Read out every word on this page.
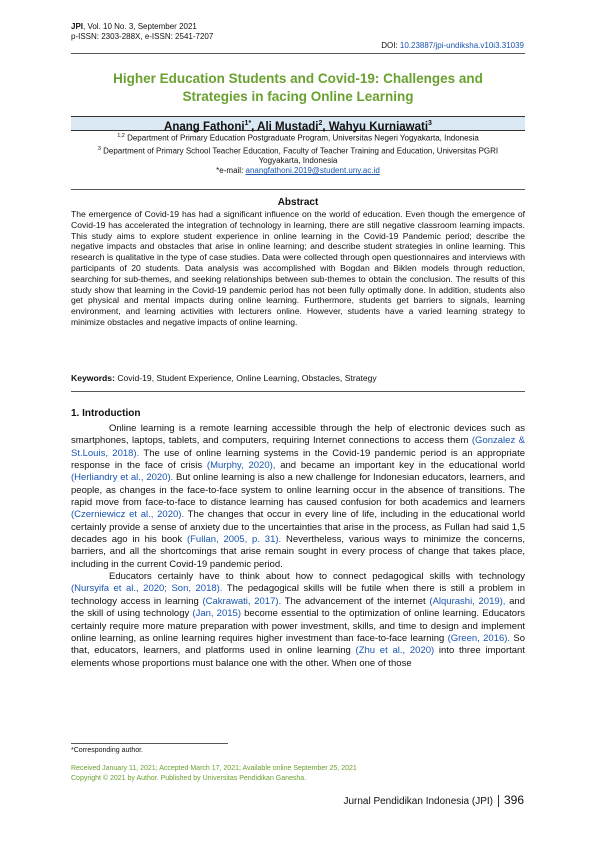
JPI, Vol. 10 No. 3, September 2021
p-ISSN: 2303-288X, e-ISSN: 2541-7207
DOI: 10.23887/jpi-undiksha.v10i3.31039
Higher Education Students and Covid-19: Challenges and
Strategies in facing Online Learning
Anang Fathoni$^{1*}$, Ali Mustadi$^2$, Wahyu Kurniawati$^3$
$^{1,2}$ Department of Primary Education Postgraduate Program, Universitas Negeri Yogyakarta, Indonesia
$^3$ Department of Primary School Teacher Education, Faculty of Teacher Training and Education, Universitas PGRI
Yogyakarta, Indonesia
*e-mail: anangfathoni.2019@student.uny.ac.id
Abstract
The emergence of Covid-19 has had a significant influence on the world of education. Even though the emergence of Covid-19 has accelerated the integration of technology in learning, there are still negative classroom learning impacts. This study aims to explore student experience in online learning in the Covid-19 Pandemic period; describe the negative impacts and obstacles that arise in online learning; and describe student strategies in online learning. This research is qualitative in the type of case studies. Data were collected through open questionnaires and interviews with participants of 20 students. Data analysis was accomplished with Bogdan and Biklen models through reduction, searching for sub-themes, and seeking relationships between sub-themes to obtain the conclusion. The results of this study show that learning in the Covid-19 pandemic period has not been fully optimally done. In addition, students also get physical and mental impacts during online learning. Furthermore, students get barriers to signals, learning environment, and learning activities with lecturers online. However, students have a varied learning strategy to minimize obstacles and negative impacts of online learning.
Keywords: Covid-19, Student Experience, Online Learning, Obstacles, Strategy
1. Introduction

Online learning is a remote learning accessible through the help of electronic devices such as smartphones, laptops, tablets, and computers, requiring Internet connections to access them (Gonzalez & St.Louis, 2018). The use of online learning systems in the Covid-19 pandemic period is an appropriate response in the face of crisis (Murphy, 2020), and became an important key in the educational world (Herliandry et al., 2020). But online learning is also a new challenge for Indonesian educators, learners, and people, as changes in the face-to-face system to online learning occur in the absence of transitions. The rapid move from face-to-face to distance learning has caused confusion for both academics and learners (Czerniewicz et al., 2020). The changes that occur in every line of life, including in the educational world certainly provide a sense of anxiety due to the uncertainties that arise in the process, as Fullan had said 1,5 decades ago in his book (Fullan, 2005, p. 31). Nevertheless, various ways to minimize the concerns, barriers, and all the shortcomings that arise remain sought in every process of change that takes place, including in the current Covid-19 pandemic period.

Educators certainly have to think about how to connect pedagogical skills with technology (Nursyifa et al., 2020; Son, 2018). The pedagogical skills will be futile when there is still a problem in technology access in learning (Cakrawati, 2017). The advancement of the internet (Alqurashi, 2019), and the skill of using technology (Jan, 2015) become essential to the optimization of online learning. Educators certainly require more mature preparation with power investment, skills, and time to design and implement online learning, as online learning requires higher investment than face-to-face learning (Green, 2016). So that, educators, learners, and platforms used in online learning (Zhu et al., 2020) into three important elements whose proportions must balance one with the other. When one of those

*Corresponding author.
Received January 11, 2021; Accepted March 17, 2021; Available online September 25, 2021
Copyright © 2021 by Author. Published by Universitas Pendidikan Ganesha.
Jurnal Pendidikan Indonesia (JPI) 396
